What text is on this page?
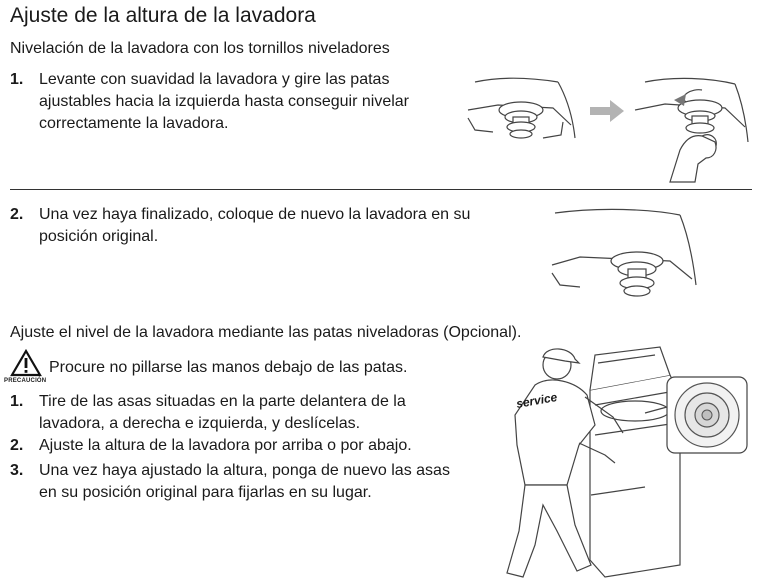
Ajuste de la altura de la lavadora
Nivelación de la lavadora con los tornillos niveladores
1. Levante con suavidad la lavadora y gire las patas
ajustables hacia la izquierda hasta conseguir nivelar
correctamente la lavadora.
2. Una vez haya finalizado, coloque de nuevo la lavadora en su
posición original.
Ajuste el nivel de la lavadora mediante las patas niveladoras (Opcional).
PRECAUCIÓN
Procure no pillarse las manos debajo de las patas.
1. Tire de las asas situadas en la parte delantera de la
lavadora, a derecha e izquierda, y deslícelas.
2. Ajuste la altura de la lavadora por arriba o por abajo.
3. Una vez haya ajustado la altura, ponga de nuevo las asas
en su posición original para fijarlas en su lugar.
service
